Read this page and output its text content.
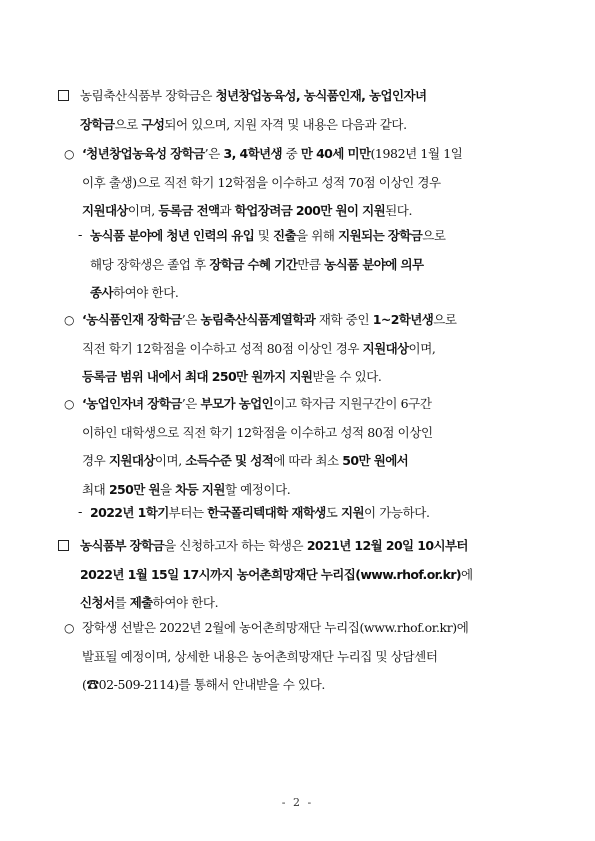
농림축산식품부 장학금은 청년창업농육성, 농식품인재, 농업인자녀
장학금으로 구성되어 있으며, 지원 자격 및 내용은 다음과 같다.
○ ‘청년창업농육성 장학금’은 3, 4학년생 중 만 40세 미만(1982년 1월 1일
이후 출생)으로 직전 학기 12학점을 이수하고 성적 70점 이상인 경우
지원대상이며, 등록금 전액과 학업장려금 200만 원이 지원된다.
- 농식품 분야에 청년 인력의 유입 및 진출을 위해 지원되는 장학금으로
해당 장학생은 졸업 후 장학금 수혜 기간만큼 농식품 분야에 의무
종사하여야 한다.
○ ‘농식품인재 장학금’은 농림축산식품계열학과 재학 중인 1~2학년생으로
직전 학기 12학점을 이수하고 성적 80점 이상인 경우 지원대상이며,
등록금 범위 내에서 최대 250만 원까지 지원받을 수 있다.
○ ‘농업인자녀 장학금’은 부모가 농업인이고 학자금 지원구간이 6구간
이하인 대학생으로 직전 학기 12학점을 이수하고 성적 80점 이상인
경우 지원대상이며, 소득수준 및 성적에 따라 최소 50만 원에서
최대 250만 원을 차등 지원할 예정이다.
- 2022년 1학기부터는 한국폴리텍대학 재학생도 지원이 가능하다.
농식품부 장학금을 신청하고자 하는 학생은 2021년 12월 20일 10시부터
2022년 1월 15일 17시까지 농어촌희망재단 누리집(www.rhof.or.kr)에
신청서를 제출하여야 한다.
○ 장학생 선발은 2022년 2월에 농어촌희망재단 누리집(www.rhof.or.kr)에
발표될 예정이며, 상세한 내용은 농어촌희망재단 누리집 및 상담센터
(☎02-509-2114)를 통해서 안내받을 수 있다.
- 2 -
